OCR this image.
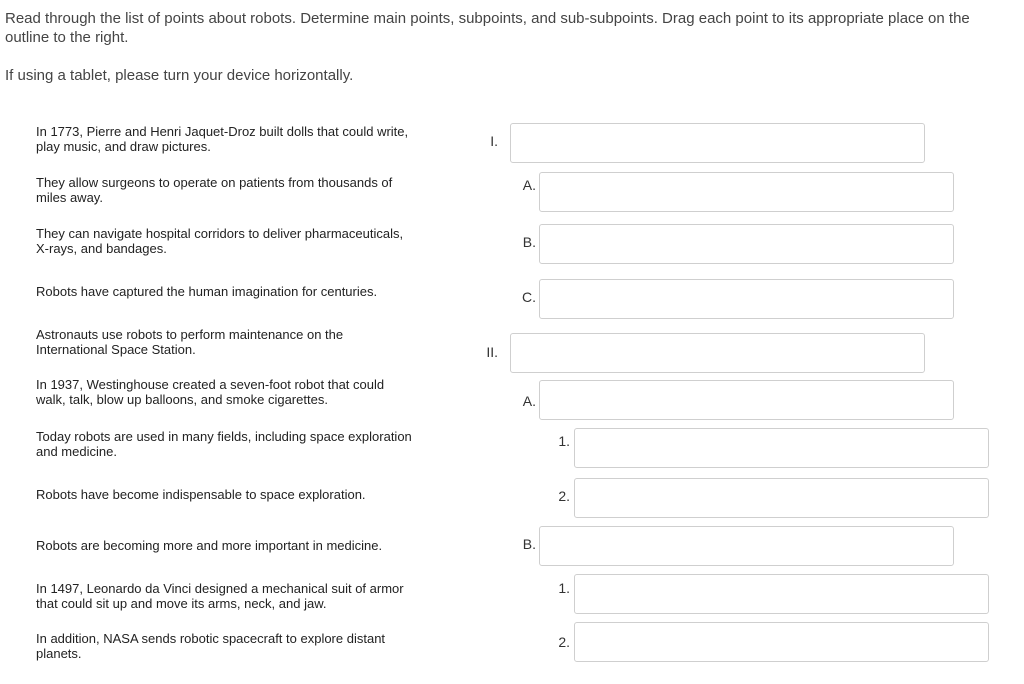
Read through the list of points about robots. Determine main points, subpoints, and sub-subpoints. Drag each point to its appropriate place on the outline to the right.

If using a tablet, please turn your device horizontally.
In 1773, Pierre and Henri Jaquet-Droz built dolls that could write, play music, and draw pictures.
They allow surgeons to operate on patients from thousands of miles away.
They can navigate hospital corridors to deliver pharmaceuticals, X-rays, and bandages.
Robots have captured the human imagination for centuries.
Astronauts use robots to perform maintenance on the International Space Station.
In 1937, Westinghouse created a seven-foot robot that could walk, talk, blow up balloons, and smoke cigarettes.
Today robots are used in many fields, including space exploration and medicine.
Robots have become indispensable to space exploration.
Robots are becoming more and more important in medicine.
In 1497, Leonardo da Vinci designed a mechanical suit of armor that could sit up and move its arms, neck, and jaw.
In addition, NASA sends robotic spacecraft to explore distant planets.
I.
A.
B.
C.
II.
A.
1.
2.
B.
1.
2.
